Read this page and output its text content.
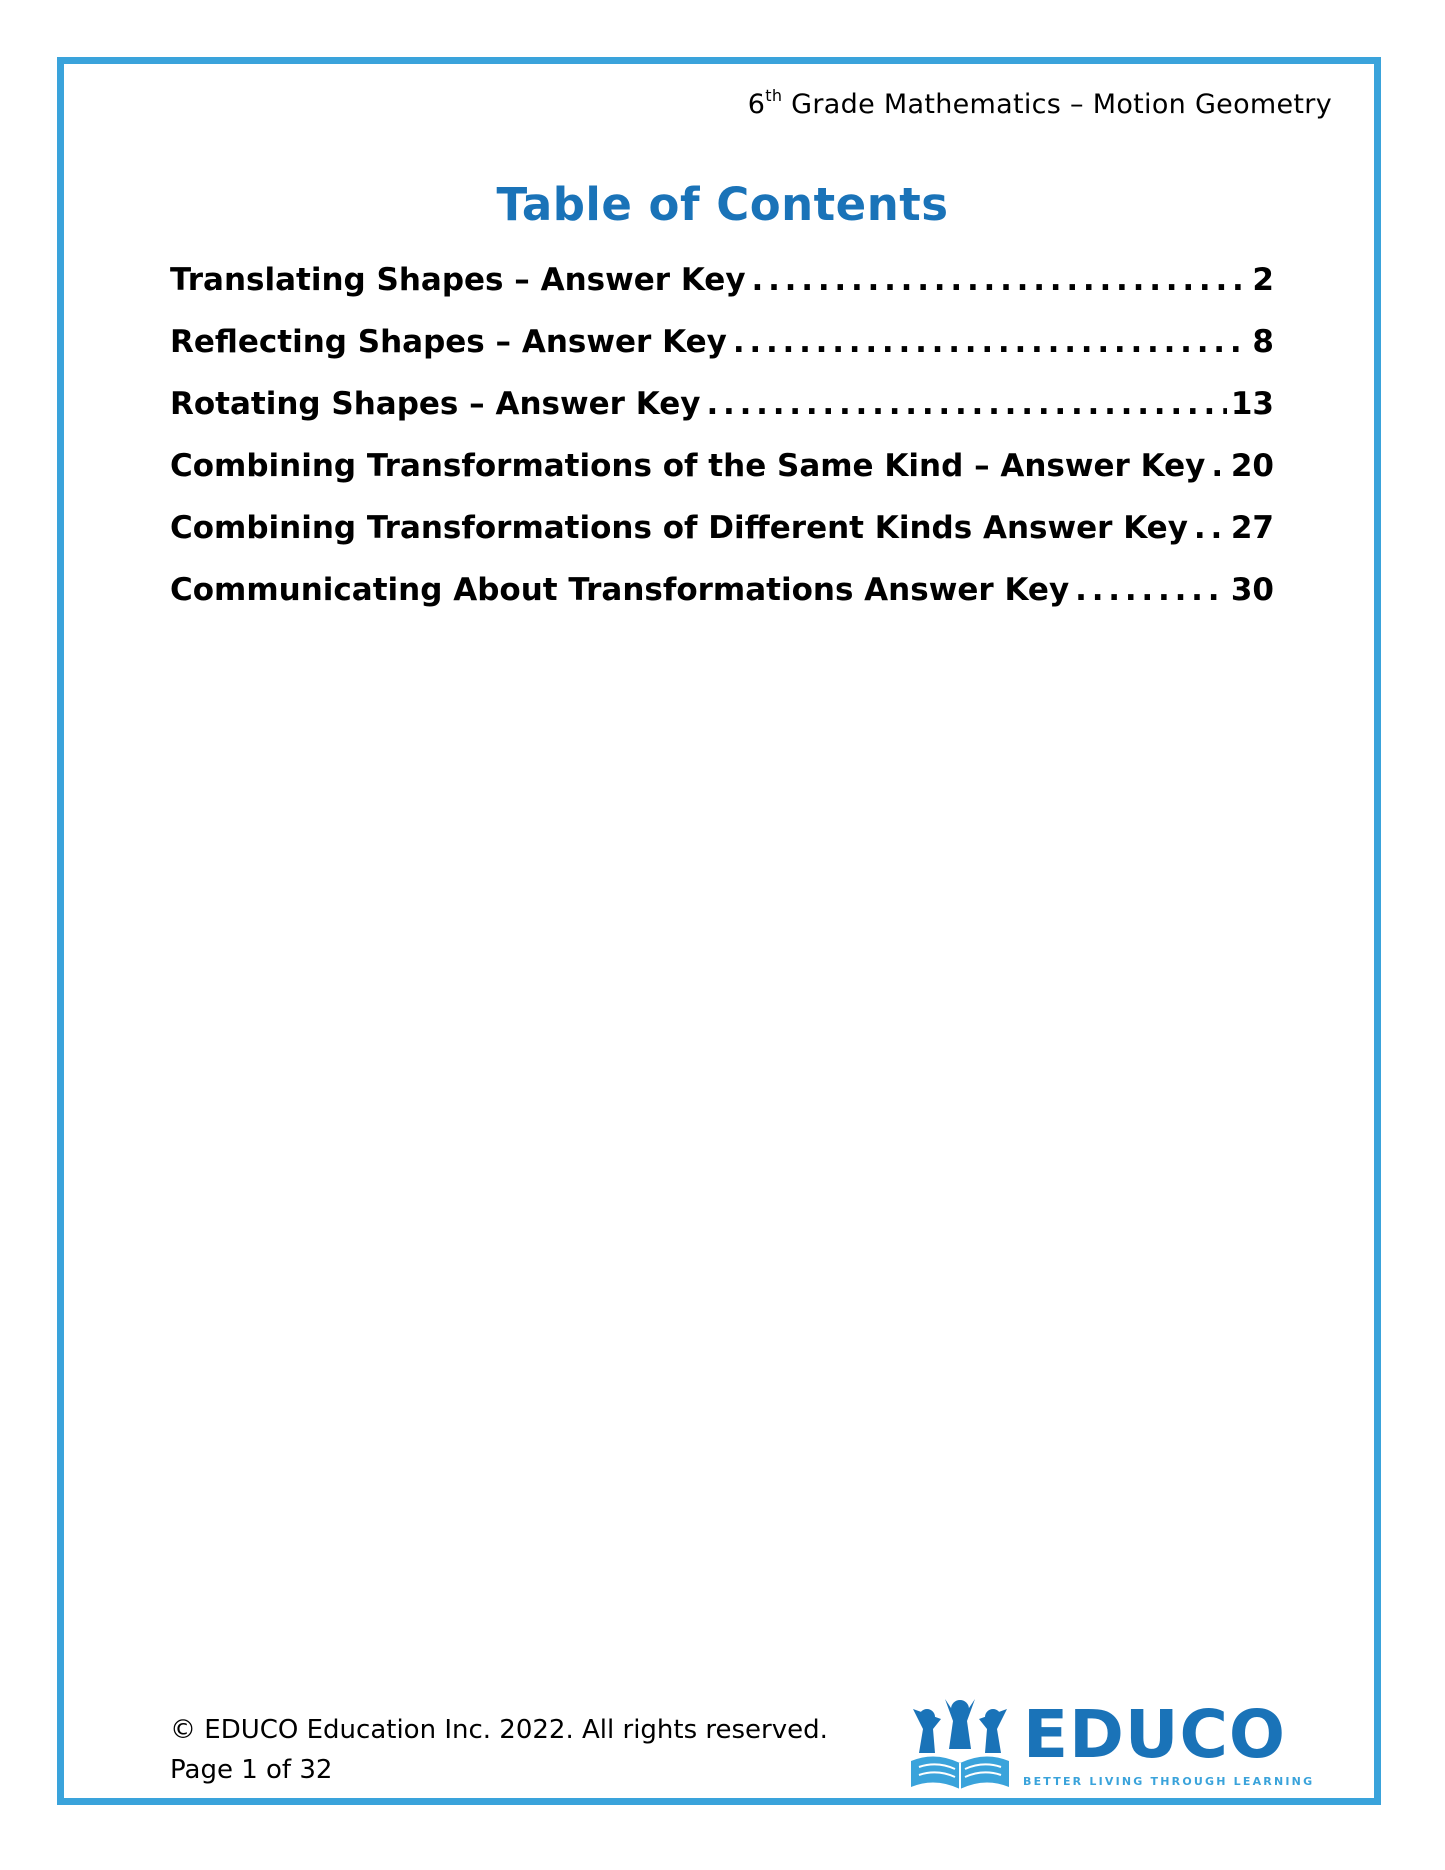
6th Grade Mathematics – Motion Geometry
Table of Contents
Translating Shapes – Answer Key . . .	2
Reflecting Shapes – Answer Key . . .	8
Rotating Shapes – Answer Key . . .	13
Combining Transformations of the Same Kind – Answer Key . . . 20
Combining Transformations of Different Kinds Answer Key . . . 27
Communicating About Transformations Answer Key . . .	30
© EDUCO Education Inc. 2022. All rights reserved.
Page 1 of 32	EDUCO
BETTER LIVING THROUGH LEARNING
